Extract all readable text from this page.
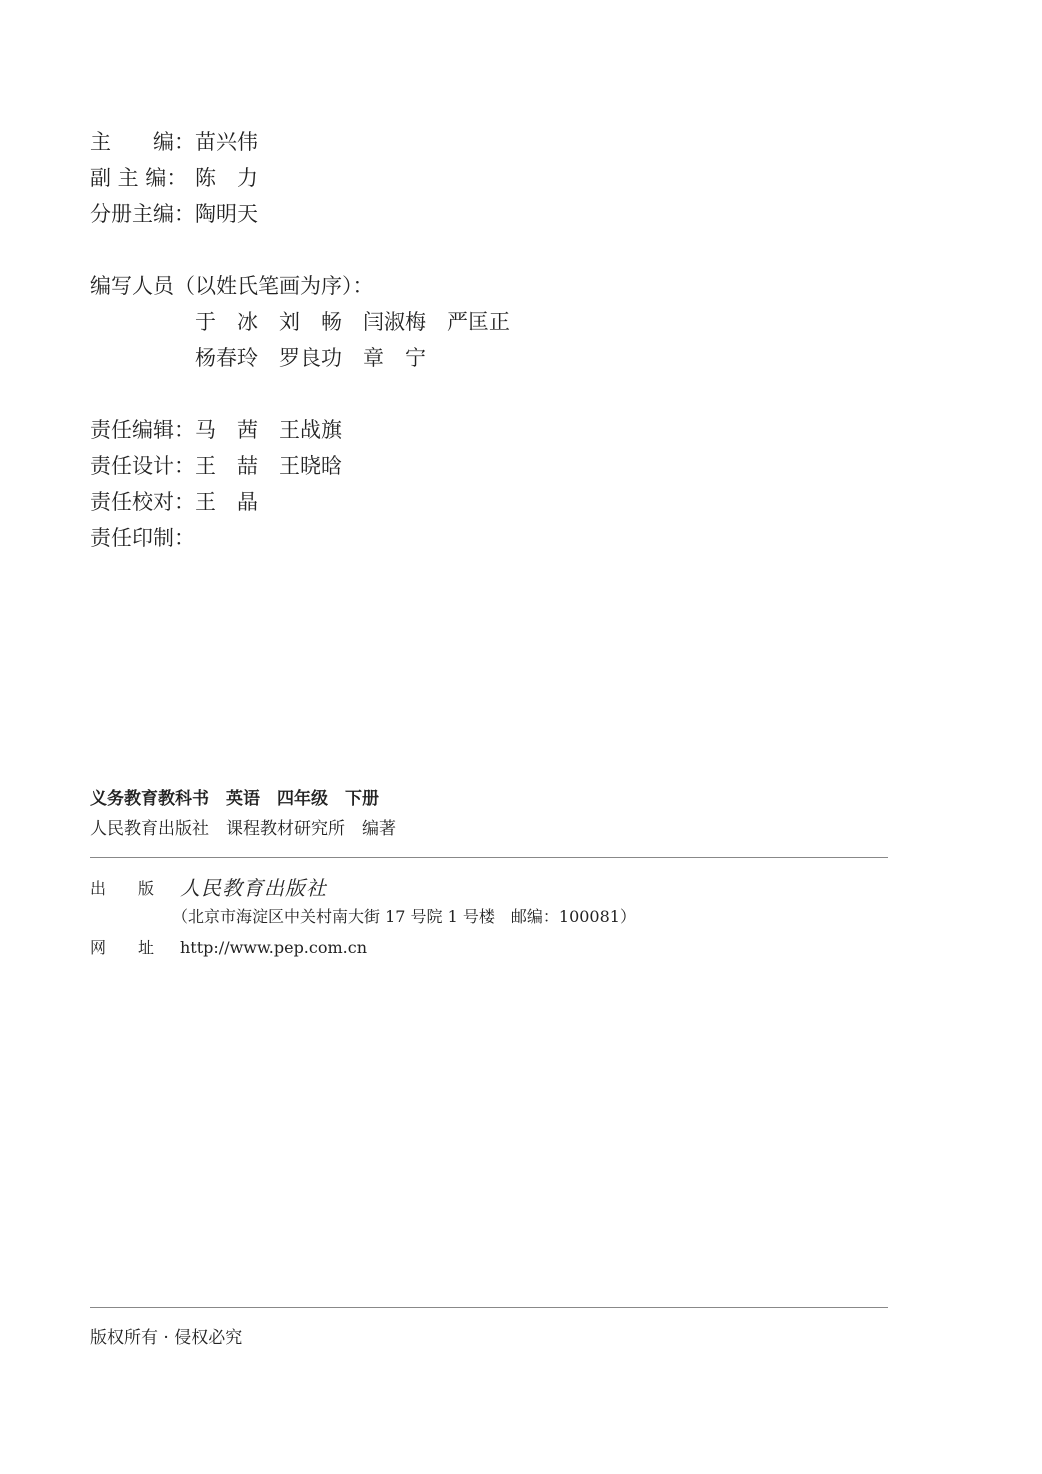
主　　编： 苗兴伟
副 主 编： 陈 力
分册主编： 陶明天
编写人员（以姓氏笔画为序）：
于 冰 刘 畅 闫淑梅 严匡正
杨春玲 罗良功 章 宁
责任编辑： 马 茜 王战旗
责任设计： 王 喆 王晓晗
责任校对： 王 晶
责任印制：
义务教育教科书　英语　四年级　下册
人民教育出版社　课程教材研究所　编著
出　　版 人民教育出版社
（北京市海淀区中关村南大街 17 号院 1 号楼　邮编：100081）
网　　址 http://www.pep.com.cn
版权所有 · 侵权必究
